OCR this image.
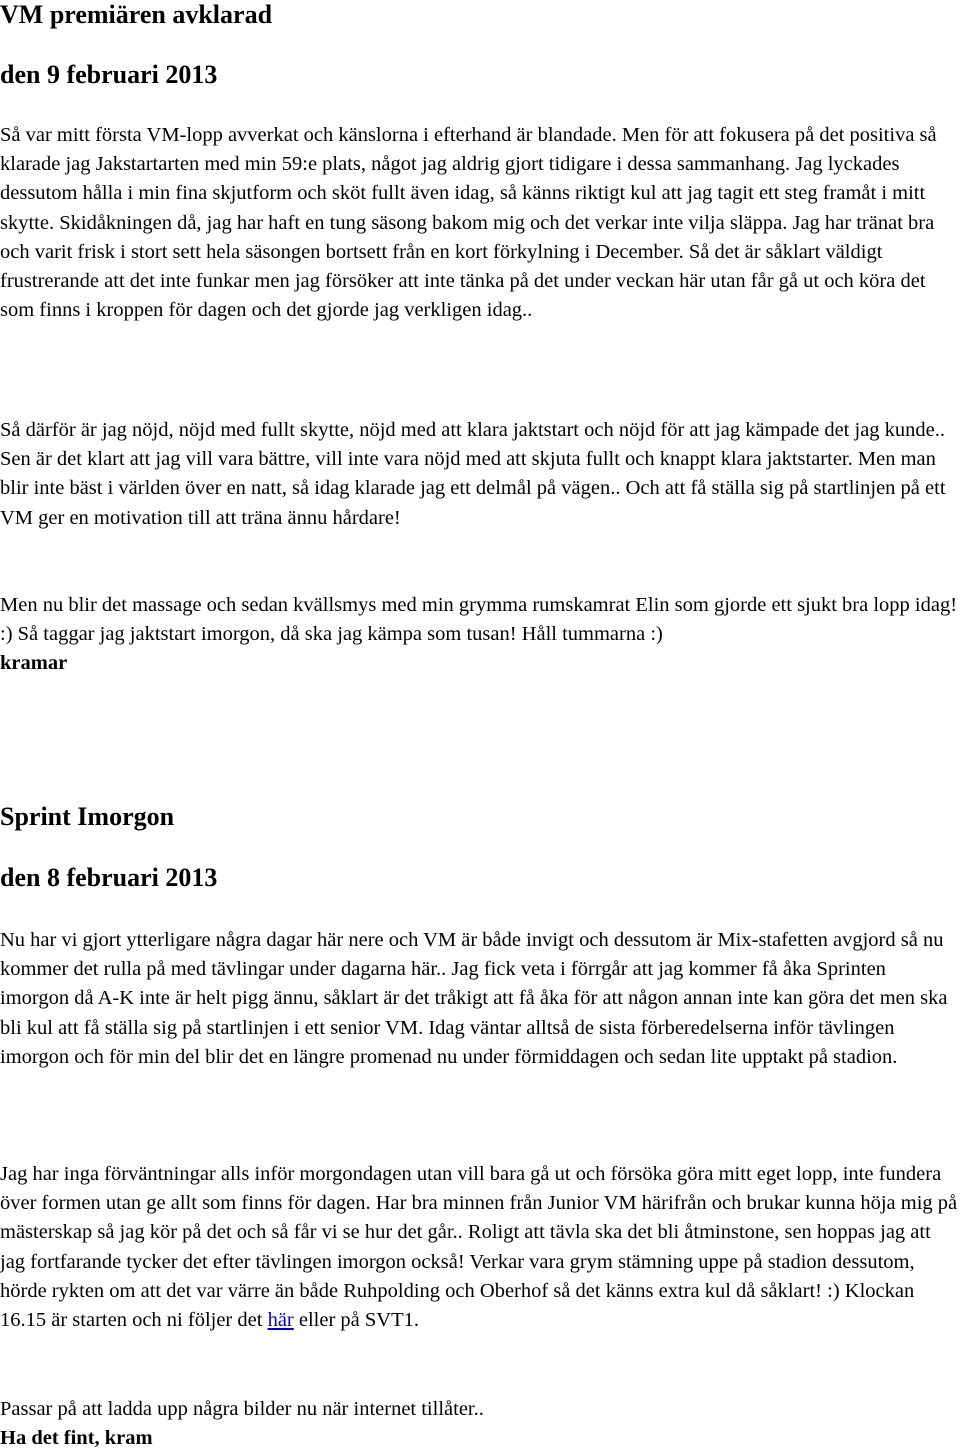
VM premiären avklarad
den 9 februari 2013

Så var mitt första VM-lopp avverkat och känslorna i efterhand är blandade. Men för att fokusera på det positiva så klarade jag Jakstartarten med min 59:e plats, något jag aldrig gjort tidigare i dessa sammanhang. Jag lyckades dessutom hålla i min fina skjutform och sköt fullt även idag, så känns riktigt kul att jag tagit ett steg framåt i mitt skytte. Skidåkningen då, jag har haft en tung säsong bakom mig och det verkar inte vilja släppa. Jag har tränat bra och varit frisk i stort sett hela säsongen bortsett från en kort förkylning i December. Så det är såklart väldigt frustrerande att det inte funkar men jag försöker att inte tänka på det under veckan här utan får gå ut och köra det som finns i kroppen för dagen och det gjorde jag verkligen idag..

Så därför är jag nöjd, nöjd med fullt skytte, nöjd med att klara jaktstart och nöjd för att jag kämpade det jag kunde.. Sen är det klart att jag vill vara bättre, vill inte vara nöjd med att skjuta fullt och knappt klara jaktstarter. Men man blir inte bäst i världen över en natt, så idag klarade jag ett delmål på vägen.. Och att få ställa sig på startlinjen på ett VM ger en motivation till att träna ännu hårdare!

Men nu blir det massage och sedan kvällsmys med min grymma rumskamrat Elin som gjorde ett sjukt bra lopp idag! :) Så taggar jag jaktstart imorgon, då ska jag kämpa som tusan! Håll tummarna :)
kramar

Sprint Imorgon
den 8 februari 2013

Nu har vi gjort ytterligare några dagar här nere och VM är både invigt och dessutom är Mix-stafetten avgjord så nu kommer det rulla på med tävlingar under dagarna här.. Jag fick veta i förrgår att jag kommer få åka Sprinten imorgon då A-K inte är helt pigg ännu, såklart är det tråkigt att få åka för att någon annan inte kan göra det men ska bli kul att få ställa sig på startlinjen i ett senior VM. Idag väntar alltså de sista förberedelserna inför tävlingen imorgon och för min del blir det en längre promenad nu under förmiddagen och sedan lite upptakt på stadion.

Jag har inga förväntningar alls inför morgondagen utan vill bara gå ut och försöka göra mitt eget lopp, inte fundera över formen utan ge allt som finns för dagen. Har bra minnen från Junior VM härifrån och brukar kunna höja mig på mästerskap så jag kör på det och så får vi se hur det går.. Roligt att tävla ska det bli åtminstone, sen hoppas jag att jag fortfarande tycker det efter tävlingen imorgon också! Verkar vara grym stämning uppe på stadion dessutom, hörde rykten om att det var värre än både Ruhpolding och Oberhof så det känns extra kul då såklart! :) Klockan 16.15 är starten och ni följer det här eller på SVT1.

Passar på att ladda upp några bilder nu när internet tillåter..
Ha det fint, kram
